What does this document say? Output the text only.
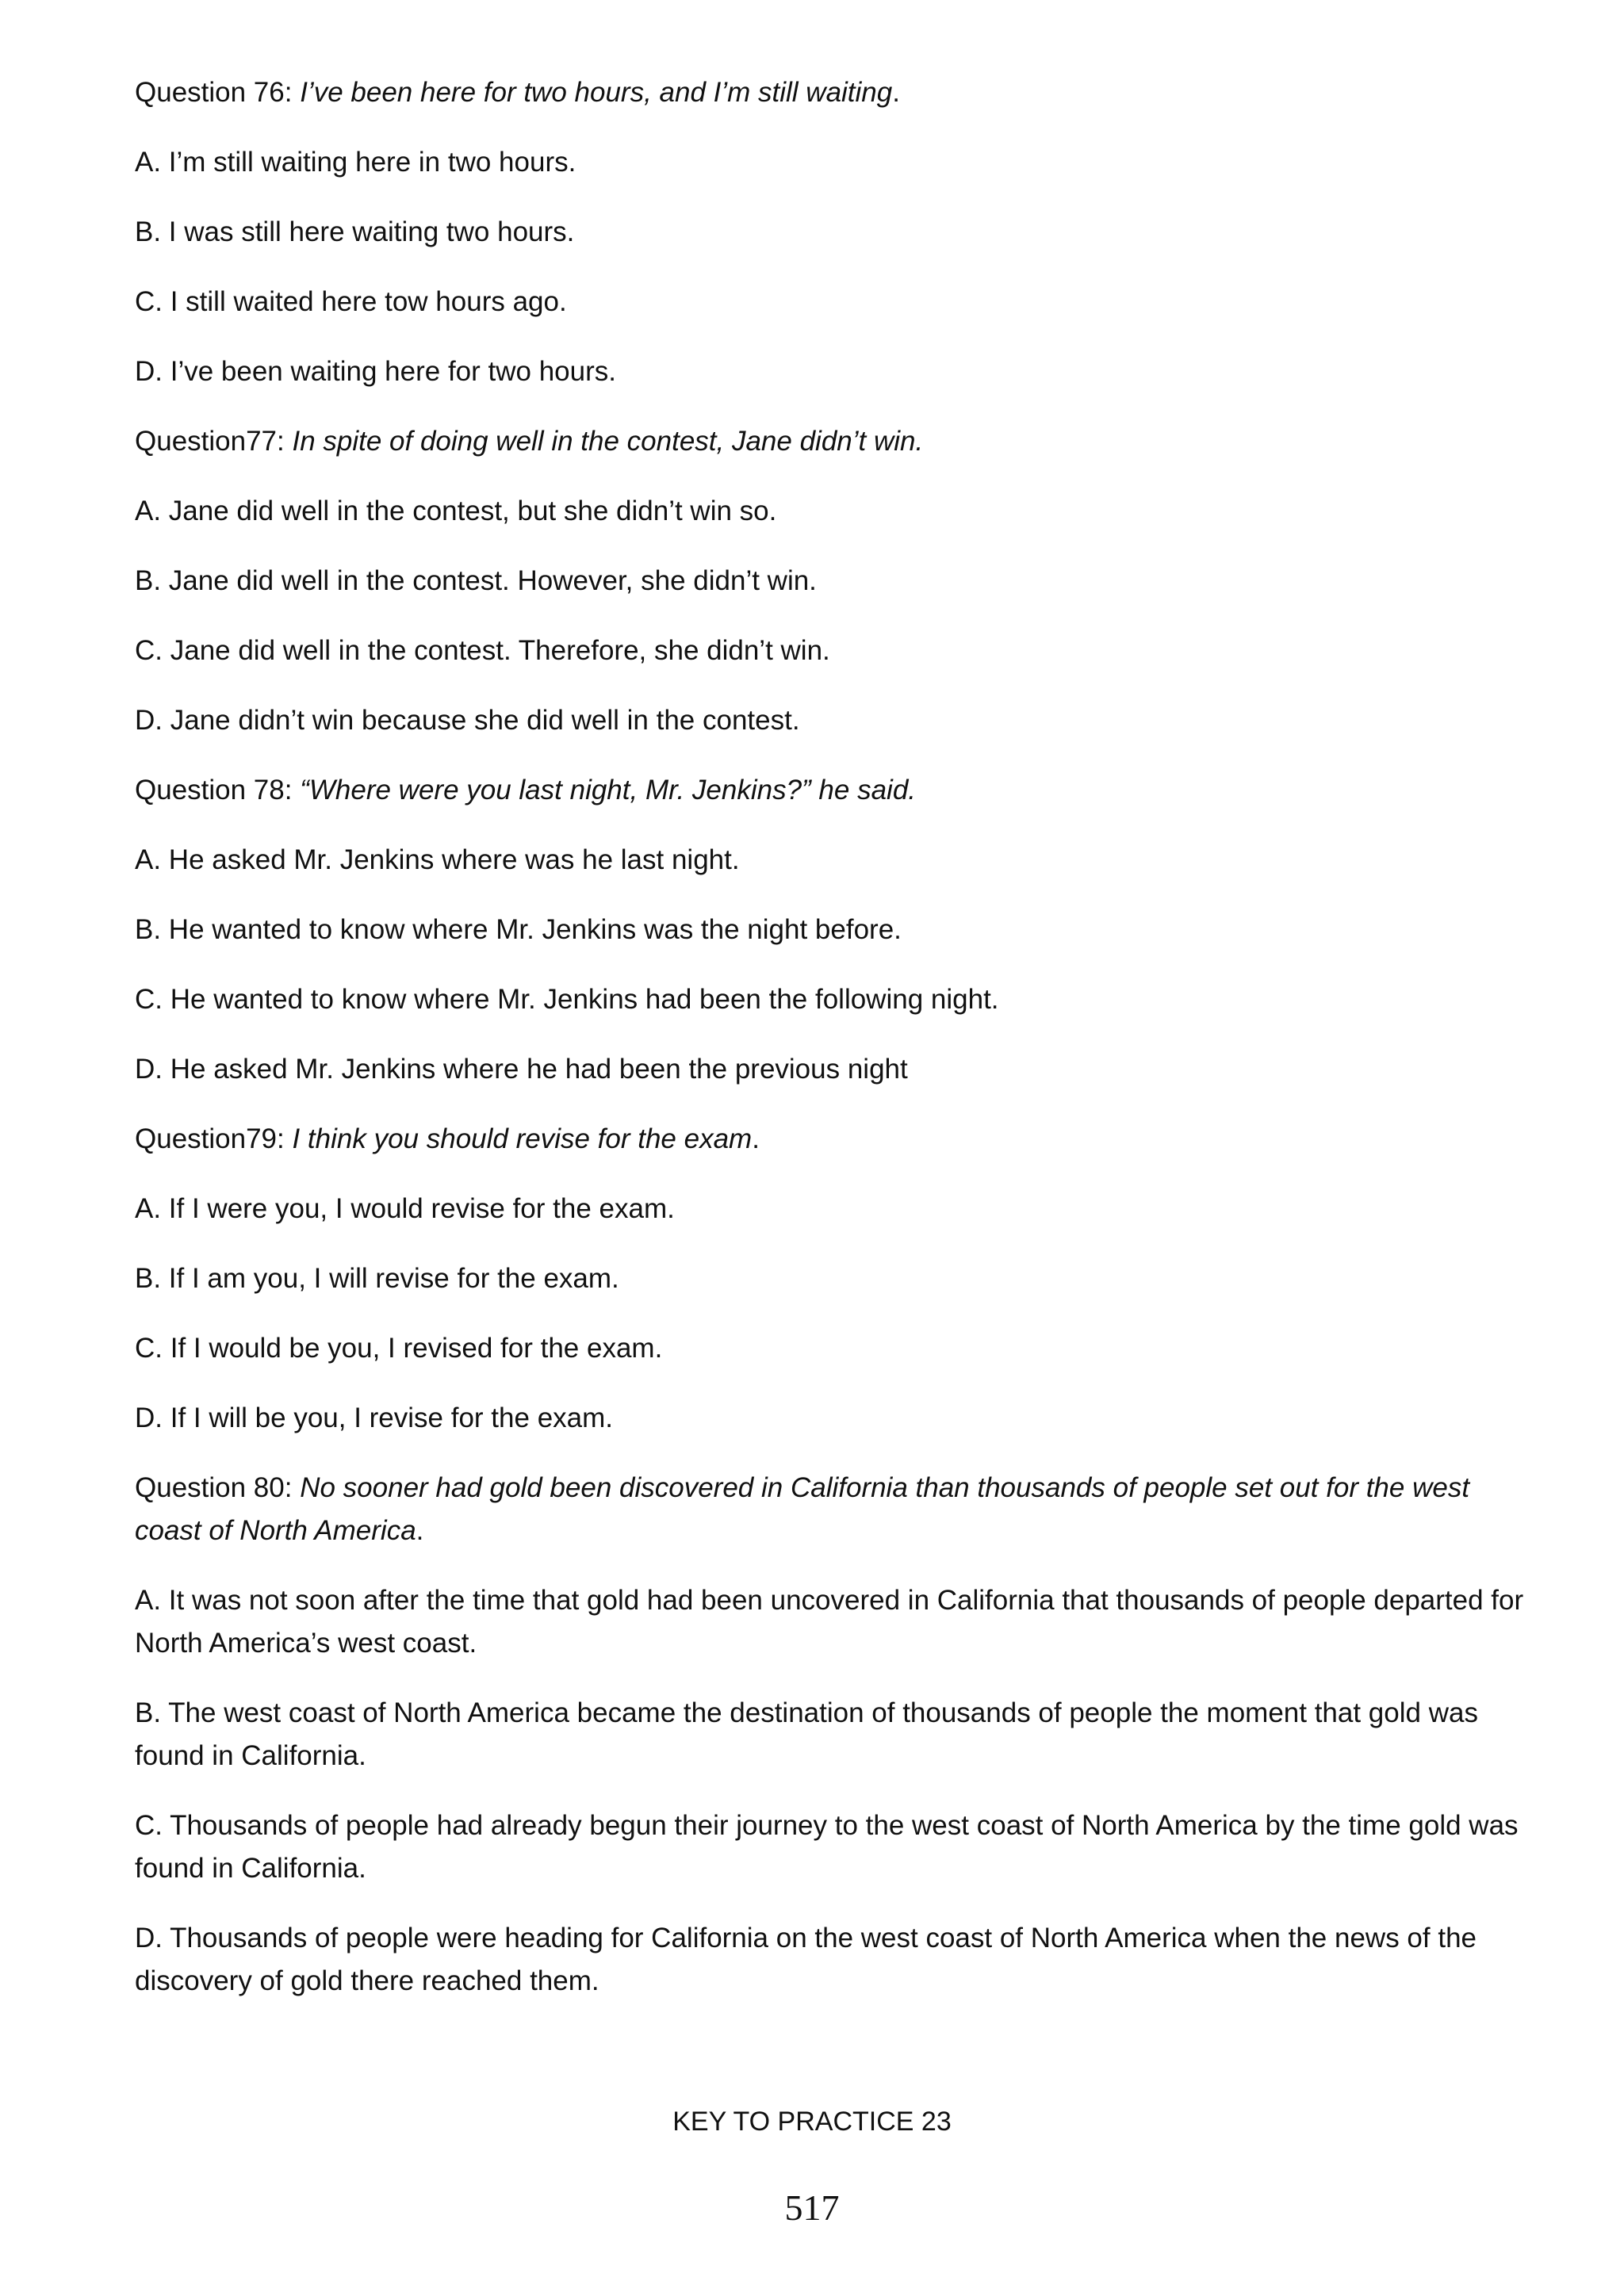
Question 76: I’ve been here for two hours, and I’m still waiting.

A. I’m still waiting here in two hours.

B. I was still here waiting two hours.

C. I still waited here tow hours ago.

D. I’ve been waiting here for two hours.

Question77: In spite of doing well in the contest, Jane didn’t win.

A. Jane did well in the contest, but she didn’t win so.

B. Jane did well in the contest. However, she didn’t win.

C. Jane did well in the contest. Therefore, she didn’t win.

D. Jane didn’t win because she did well in the contest.

Question 78: “Where were you last night, Mr. Jenkins?” he said.

A. He asked Mr. Jenkins where was he last night.

B. He wanted to know where Mr. Jenkins was the night before.

C. He wanted to know where Mr. Jenkins had been the following night.

D. He asked Mr. Jenkins where he had been the previous night

Question79: I think you should revise for the exam.

A. If I were you, I would revise for the exam.

B. If I am you, I will revise for the exam.

C. If I would be you, I revised for the exam.

D. If I will be you, I revise for the exam.

Question 80: No sooner had gold been discovered in California than thousands of people set out for the west coast of North America.

A. It was not soon after the time that gold had been uncovered in California that thousands of people departed for North America’s west coast.

B. The west coast of North America became the destination of thousands of people the moment that gold was found in California.

C. Thousands of people had already begun their journey to the west coast of North America by the time gold was found in California.

D. Thousands of people were heading for California on the west coast of North America when the news of the discovery of gold there reached them.

KEY TO PRACTICE 23
517
